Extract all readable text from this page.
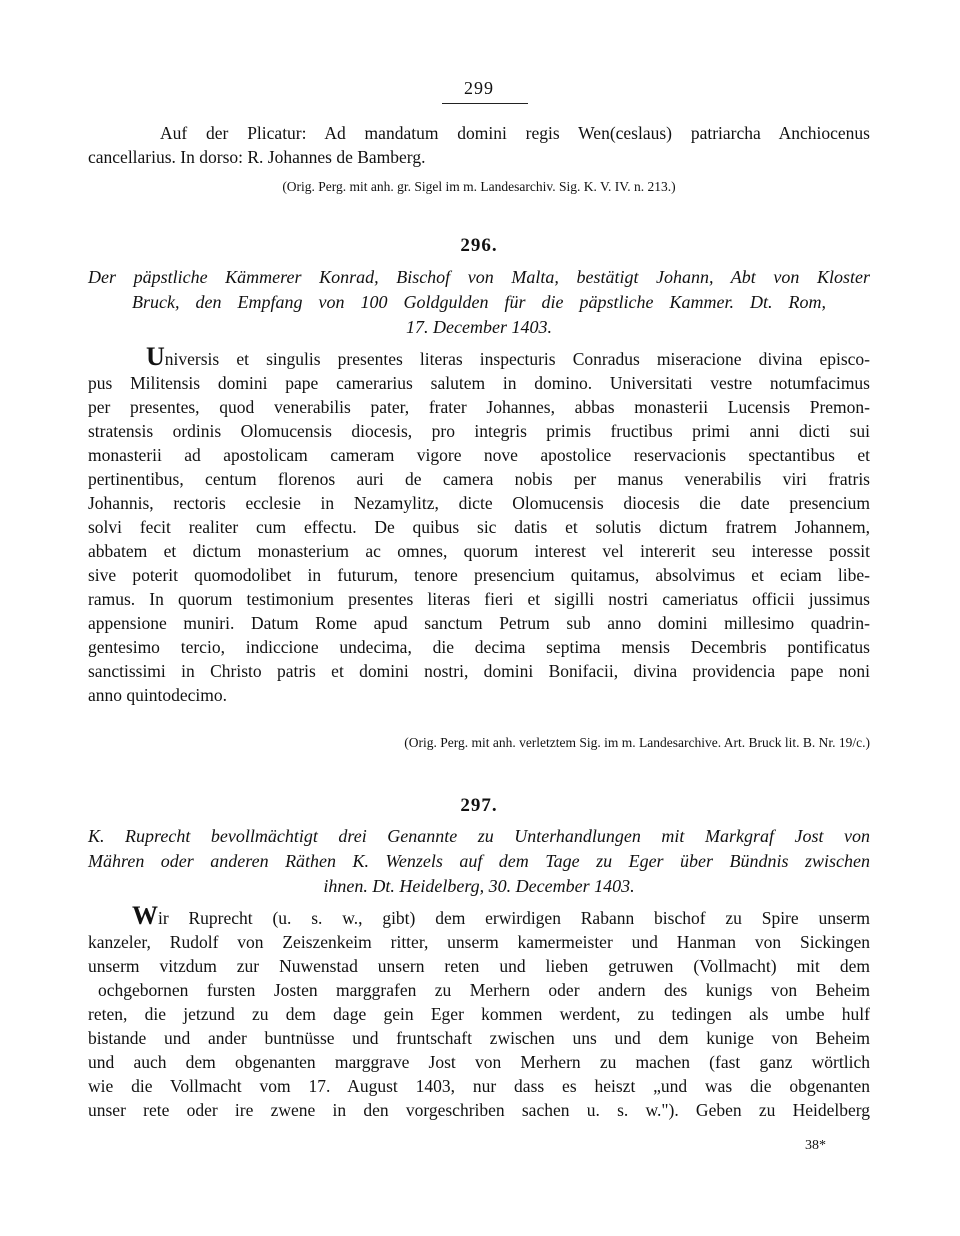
299
Auf der Plicatur: Ad mandatum domini regis Wen(ceslaus) patriarcha Anchiocenus
cancellarius. In dorso: R. Johannes de Bamberg.
(Orig. Perg. mit anh. gr. Sigel im m. Landesarchiv. Sig. K. V. IV. n. 213.)
296.
Der päpstliche Kämmerer Konrad, Bischof von Malta, bestätigt Johann, Abt von Kloster
Bruck, den Empfang von 100 Goldgulden für die päpstliche Kammer. Dt. Rom,
17. December 1403.
Universis et singulis presentes literas inspecturis Conradus miseracione divina episco-
pus Militensis domini pape camerarius salutem in domino. Universitati vestre notumfacimus
per presentes, quod venerabilis pater, frater Johannes, abbas monasterii Lucensis Premon-
stratensis ordinis Olomucensis diocesis, pro integris primis fructibus primi anni dicti sui
monasterii ad apostolicam cameram vigore nove apostolice reservacionis spectantibus et
pertinentibus, centum florenos auri de camera nobis per manus venerabilis viri fratris
Johannis, rectoris ecclesie in Nezamylitz, dicte Olomucensis diocesis die date presencium
solvi fecit realiter cum effectu. De quibus sic datis et solutis dictum fratrem Johannem,
abbatem et dictum monasterium ac omnes, quorum interest vel intererit seu interesse possit
sive poterit quomodolibet in futurum, tenore presencium quitamus, absolvimus et eciam libe-
ramus. In quorum testimonium presentes literas fieri et sigilli nostri cameriatus officii jussimus
appensione muniri. Datum Rome apud sanctum Petrum sub anno domini millesimo quadrin-
gentesimo tercio, indiccione undecima, die decima septima mensis Decembris pontificatus
sanctissimi in Christo patris et domini nostri, domini Bonifacii, divina providencia pape noni
anno quintodecimo.
(Orig. Perg. mit anh. verletztem Sig. im m. Landesarchive. Art. Bruck lit. B. Nr. 19/c.)
297.
K. Ruprecht bevollmächtigt drei Genannte zu Unterhandlungen mit Markgraf Jost von
Mähren oder anderen Räthen K. Wenzels auf dem Tage zu Eger über Bündnis zwischen
ihnen. Dt. Heidelberg, 30. December 1403.
Wir Ruprecht (u. s. w., gibt) dem erwirdigen Rabann bischof zu Spire unserm
kanzeler, Rudolf von Zeiszenkeim ritter, unserm kamermeister und Hanman von Sickingen
unserm vitzdum zur Nuwenstad unsern reten und lieben getruwen (Vollmacht) mit dem
ochgebornen fursten Josten marggrafen zu Merhern oder andern des kunigs von Beheim
reten, die jetzund zu dem dage gein Eger kommen werdent, zu tedingen als umbe hulf
bistande und ander buntnüsse und fruntschaft zwischen uns und dem kunige von Beheim
und auch dem obgenanten marggrave Jost von Merhern zu machen (fast ganz wörtlich
wie die Vollmacht vom 17. August 1403, nur dass es heiszt „und was die obgenanten
unser rete oder ire zwene in den vorgeschriben sachen u. s. w."). Geben zu Heidelberg
38*
